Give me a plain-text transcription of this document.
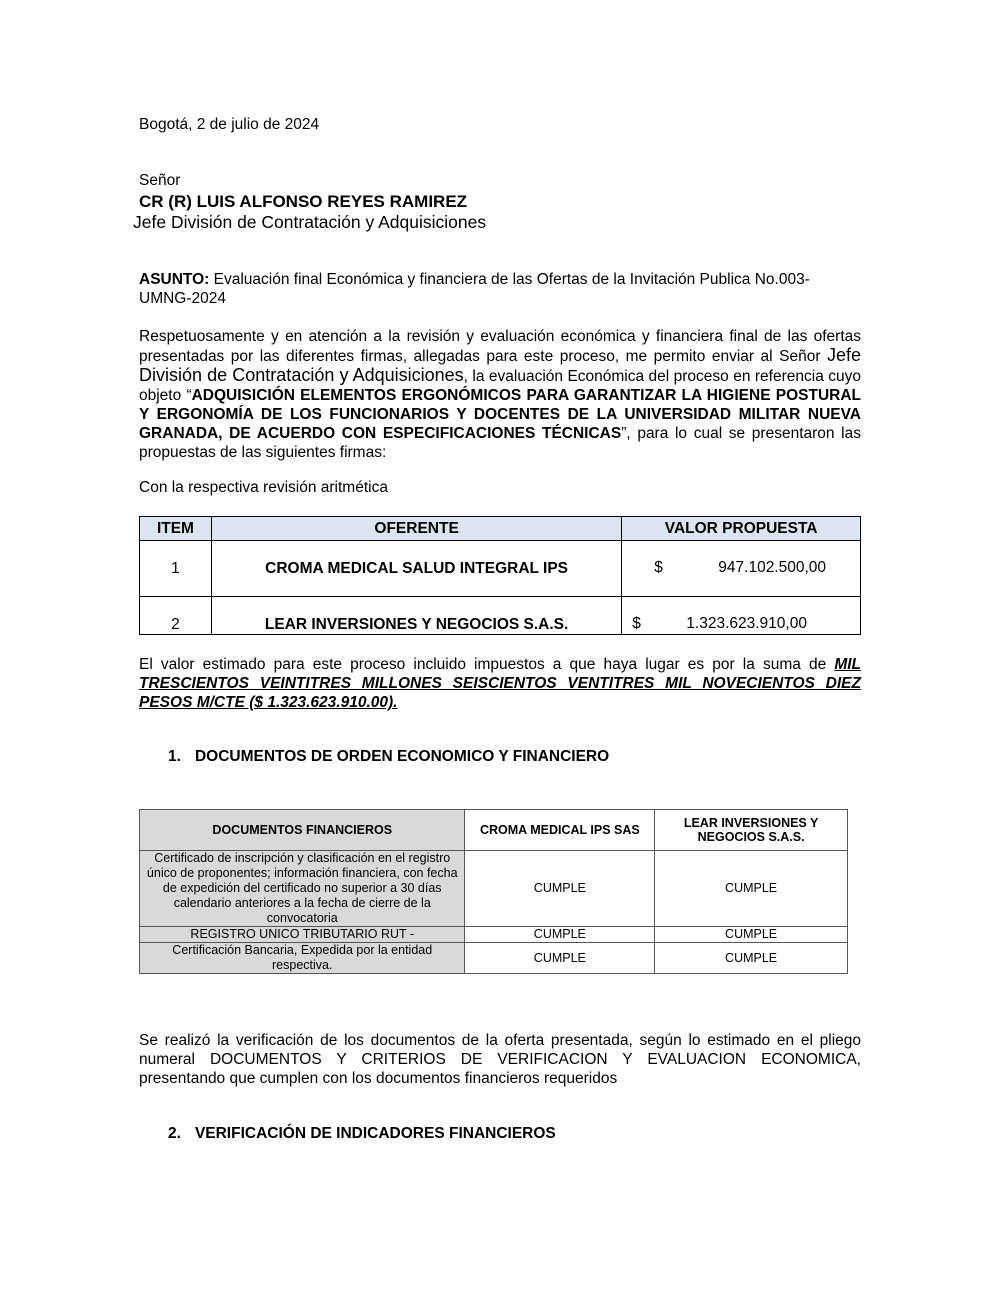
Bogotá, 2 de julio de 2024
Señor
CR (R) LUIS ALFONSO REYES RAMIREZ
Jefe División de Contratación y Adquisiciones
ASUNTO: Evaluación final Económica y financiera de las Ofertas de la Invitación Publica No.003-UMNG-2024
Respetuosamente y en atención a la revisión y evaluación económica y financiera final de las ofertas presentadas por las diferentes firmas, allegadas para este proceso, me permito enviar al Señor Jefe División de Contratación y Adquisiciones, la evaluación Económica del proceso en referencia cuyo objeto “ADQUISICIÓN ELEMENTOS ERGONÓMICOS PARA GARANTIZAR LA HIGIENE POSTURAL Y ERGONOMÍA DE LOS FUNCIONARIOS Y DOCENTES DE LA UNIVERSIDAD MILITAR NUEVA GRANADA, DE ACUERDO CON ESPECIFICACIONES TÉCNICAS”, para lo cual se presentaron las propuestas de las siguientes firmas:
Con la respectiva revisión aritmética
ITEM	OFERENTE	VALOR PROPUESTA
1	CROMA MEDICAL SALUD INTEGRAL IPS	$ 947.102.500,00

2	LEAR INVERSIONES Y NEGOCIOS S.A.S.	$ 1.323.623.910,00
El valor estimado para este proceso incluido impuestos a que haya lugar es por la suma de MIL TRESCIENTOS VEINTITRES MILLONES SEISCIENTOS VENTITRES MIL NOVECIENTOS DIEZ PESOS M/CTE ($ 1.323.623.910.00).
1. DOCUMENTOS DE ORDEN ECONOMICO Y FINANCIERO
DOCUMENTOS FINANCIEROS	CROMA MEDICAL IPS SAS	LEAR INVERSIONES Y NEGOCIOS S.A.S.
Certificado de inscripción y clasificación en el registro único de proponentes; información financiera, con fecha de expedición del certificado no superior a 30 días calendario anteriores a la fecha de cierre de la convocatoria	CUMPLE	CUMPLE
REGISTRO UNICO TRIBUTARIO RUT -	CUMPLE	CUMPLE
Certificación Bancaria, Expedida por la entidad respectiva.	CUMPLE	CUMPLE
Se realizó la verificación de los documentos de la oferta presentada, según lo estimado en el pliego numeral DOCUMENTOS Y CRITERIOS DE VERIFICACION Y EVALUACION ECONOMICA, presentando que cumplen con los documentos financieros requeridos
2. VERIFICACIÓN DE INDICADORES FINANCIEROS
